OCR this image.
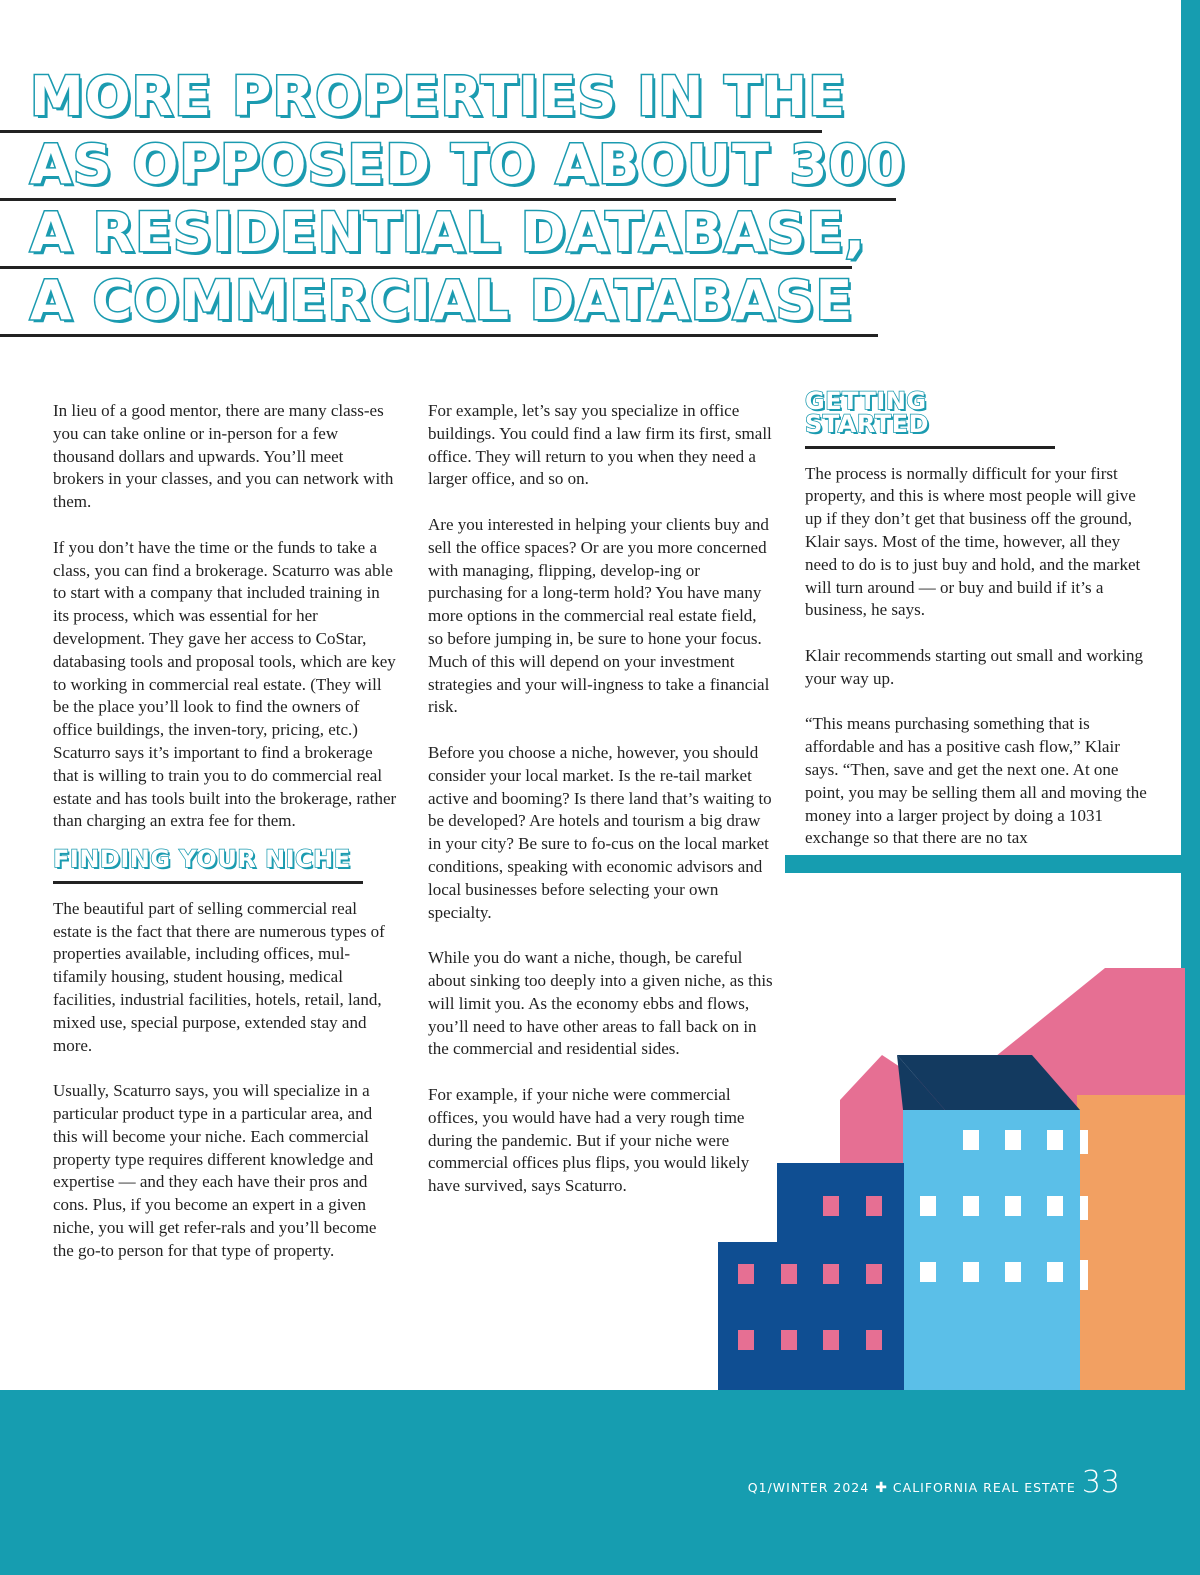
MORE PROPERTIES IN THE
AS OPPOSED TO ABOUT 300
A RESIDENTIAL DATABASE,
A COMMERCIAL DATABASE

In lieu of a good mentor, there are many class-es you can take online or in-person for a few thousand dollars and upwards. You’ll meet brokers in your classes, and you can network with them.

If you don’t have the time or the funds to take a class, you can find a brokerage. Scaturro was able to start with a company that included training in its process, which was essential for her development. They gave her access to CoStar, databasing tools and proposal tools, which are key to working in commercial real estate. (They will be the place you’ll look to find the owners of office buildings, the inven-tory, pricing, etc.) Scaturro says it’s important to find a brokerage that is willing to train you to do commercial real estate and has tools built into the brokerage, rather than charging an extra fee for them.

FINDING YOUR NICHE

The beautiful part of selling commercial real estate is the fact that there are numerous types of properties available, including offices, mul-tifamily housing, student housing, medical facilities, industrial facilities, hotels, retail, land, mixed use, special purpose, extended stay and more.

Usually, Scaturro says, you will specialize in a particular product type in a particular area, and this will become your niche. Each commercial property type requires different knowledge and expertise — and they each have their pros and cons. Plus, if you become an expert in a given niche, you will get refer-rals and you’ll become the go-to person for that type of property.

For example, let’s say you specialize in office buildings. You could find a law firm its first, small office. They will return to you when they need a larger office, and so on.

Are you interested in helping your clients buy and sell the office spaces? Or are you more concerned with managing, flipping, develop-ing or purchasing for a long-term hold? You have many more options in the commercial real estate field, so before jumping in, be sure to hone your focus. Much of this will depend on your investment strategies and your will-ingness to take a financial risk.

Before you choose a niche, however, you should consider your local market. Is the re-tail market active and booming? Is there land that’s waiting to be developed? Are hotels and tourism a big draw in your city? Be sure to fo-cus on the local market conditions, speaking with economic advisors and local businesses before selecting your own specialty.

While you do want a niche, though, be careful about sinking too deeply into a given niche, as this will limit you. As the economy ebbs and flows, you’ll need to have other areas to fall back on in the commercial and residential sides.

For example, if your niche were commercial offices, you would have had a very rough time during the pandemic. But if your niche were commercial offices plus flips, you would likely have survived, says Scaturro.

GETTING STARTED

The process is normally difficult for your first property, and this is where most people will give up if they don’t get that business off the ground, Klair says. Most of the time, however, all they need to do is to just buy and hold, and the market will turn around — or buy and build if it’s a business, he says.

Klair recommends starting out small and working your way up.

“This means purchasing something that is affordable and has a positive cash flow,” Klair says. “Then, save and get the next one. At one point, you may be selling them all and moving the money into a larger project by doing a 1031 exchange so that there are no tax

Q1/WINTER 2024 ✚ CALIFORNIA REAL ESTATE 33
